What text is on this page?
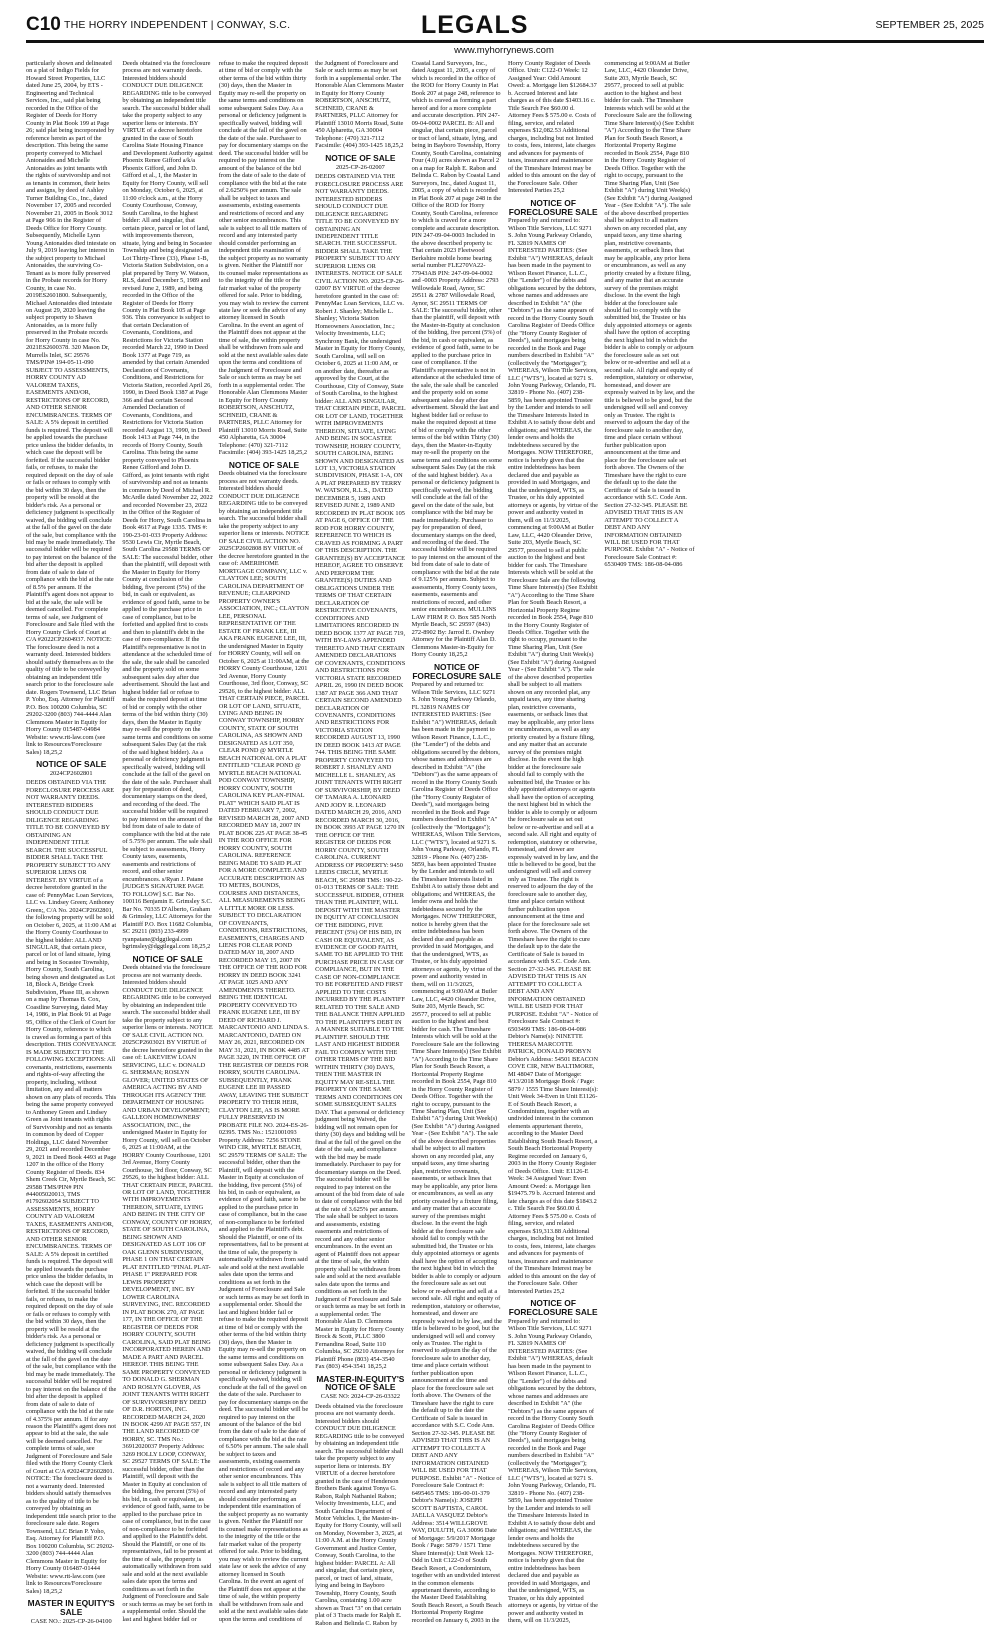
C10 THE HORRY INDEPENDENT | CONWAY, S.C.	LEGALS	SEPTEMBER 25, 2025
www.myhorrynews.com
particularly shown and delineated on a plat of Indigo Fields for Howard Street Properties, LLC dated June 25, 2004, by ETS - Engineering and Technical Services, Inc., said plat being recorded in the Office of the Register of Deeds for Horry County in Plat Book 199 at Page 26; said plat being incorporated by reference herein as part of the description. This being the same property conveyed to Michael Antonaides and Michelle Antonaides as joint tenants with the rights of survivorship and not as tenants in common, their heirs and assigns, by deed of Ashley Turner Building Co., Inc., dated November 17, 2005 and recorded November 21, 2005 in Book 3012 at Page 966 in the Register of Deeds Office for Horry County. Subsequently, Michelle Lynn Young Antonaides died intestate on July 9, 2019 leaving her interest in the subject property to Michael Antonaides, the surviving Co-Tenant as is more fully preserved in the Probate records for Horry County, in case No. 2019ES2601800. Subsequently, Michael Antonaides died intestate on August 29, 2020 leaving the subject property to Shawn Antonaides, as is more fully preserved in the Probate records for Horry County in case No. 2021ES2600378. 320 Mason Dr, Murrells Inlet, SC 29576 TMS/PIN# 194-05-11-090 SUBJECT TO ASSESSMENTS, HORRY COUNTY AD VALOREM TAXES, EASEMENTS AND/OR, RESTRICTIONS OF RECORD, AND OTHER SENIOR ENCUMBRANCES. TERMS OF SALE: A 5% deposit in certified funds is required. The deposit will be applied towards the purchase price unless the bidder defaults, in which case the deposit will be forfeited. If the successful bidder fails, or refuses, to make the required deposit on the day of sale or fails or refuses to comply with the bid within 30 days, then the property will be resold at the bidder's risk. As a personal or deficiency judgment is specifically waived, the bidding will conclude at the fall of the gavel on the date of the sale, but compliance with the bid may be made immediately. The successful bidder will be required to pay interest on the balance of the bid after the deposit is applied from date of sale to date of compliance with the bid at the rate of 8.5% per annum. If the Plaintiff's agent does not appear to bid at the sale, the sale will be deemed cancelled. For complete terms of sale, see Judgment of Foreclosure and Sale filed with the Horry County Clerk of Court at C/A #2022CP2604937. NOTICE: The foreclosure deed is not a warranty deed. Interested bidders should satisfy themselves as to the quality of title to be conveyed by obtaining an independent title search prior to the foreclosure sale date. Rogers Townsend, LLC Brian P. Yoho, Esq. Attorney for Plaintiff P.O. Box 100200 Columbia, SC 29202-3200 (803) 744-4444 Alan Clemmons Master in Equity for Horry County 015487-04984 Website: www.rtt-law.com (see link to Resources/Foreclosure Sales) 18,25,2
NOTICE OF SALE
2024CP2602801
DEEDS OBTAINED VIA THE FORECLOSURE PROCESS ARE NOT WARRANTY DEEDS. INTERESTED BIDDERS SHOULD CONDUCT DUE DILIGENCE REGARDING TITLE TO BE CONVEYED BY OBTAINING AN INDEPENDENT TITLE SEARCH. THE SUCCESSFUL BIDDER SHALL TAKE THE PROPERTY SUBJECT TO ANY SUPERIOR LIENS OR INTEREST. BY VIRTUE of a decree heretofore granted in the case of: PennyMac Loan Services, LLC vs. Lindsey Green; Anthoney Green;, C/A No. 2024CP2602801, the following property will be sold on October 6, 2025, at 11:00 AM at the Horry County Courthouse to the highest bidder: ALL AND SINGULAR, that certain piece, parcel or lot of land situate, lying and being in Socastee Township, Horry County, South Carolina, being shown and designated as Lot 18, Block A, Bridge Creek Subdivision, Phase III, as shown on a map by Thomas B. Cox, Coastline Surveying, dated May 14, 1986, in Plat Book 91 at Page 95, Office of the Clerk of Court for Horry County, reference to which is craved as forming a part of this description. THIS CONVEYANCE IS MADE SUBJECT TO THE FOLLOWING EXCEPTIONS: All covenants, restrictions, easements and rights-of-way affecting the property, including, without limitation, any and all matters shown on any plats of records. This being the same property conveyed to Anthoney Green and Lindsey Green as Joint tenants with rights of Survivorship and not as tenants in common by deed of Copper Holdings, LLC dated November 29, 2021 and recorded December 9, 2021 in Deed Book 4493 at Page 1207 in the office of the Horry County Register of Deeds. 834 Shem Creek Cir, Myrtle Beach, SC 29588 TMS/PIN# PIN #44005020013, TMS #1792602054 SUBJECT TO ASSESSMENTS, HORRY COUNTY AD VALOREM TAXES, EASEMENTS AND/OR, RESTRICTIONS OF RECORD, AND OTHER SENIOR ENCUMBRANCES. TERMS OF SALE: A 5% deposit in certified funds is required. The deposit will be applied towards the purchase price unless the bidder defaults, in which case the deposit will be forfeited. If the successful bidder fails, or refuses, to make the required deposit on the day of sale or fails or refuses to comply with the bid within 30 days, then the property will be resold at the bidder's risk. As a personal or deficiency judgment is specifically waived, the bidding will conclude at the fall of the gavel on the date of the sale, but compliance with the bid may be made immediately. The successful bidder will be required to pay interest on the balance of the bid after the deposit is applied from date of sale to date of compliance with the bid at the rate of 4.375% per annum. If for any reason the Plaintiff's agent does not appear to bid at the sale, the sale will be deemed cancelled. For complete terms of sale, see Judgment of Foreclosure and Sale filed with the Horry County Clerk of Court at C/A #2024CP2602801. NOTICE: The foreclosure deed is not a warranty deed. Interested bidders should satisfy themselves as to the quality of title to be conveyed by obtaining an independent title search prior to the foreclosure sale date. Rogers Townsend, LLC Brian P. Yoho, Esq. Attorney for Plaintiff P.O. Box 100200 Columbia, SC 29202-3200 (803) 744-4444 Alan Clemmons Master in Equity for Horry County 016487-01444 Website: www.rtt-law.com (see link to Resources/Foreclosure Sales) 18,25,2
MASTER IN EQUITY'S SALE
CASE NO.: 2025-CP-26-04100
Deeds obtained via the foreclosure process are not warranty deeds. Interested bidders should CONDUCT DUE DILIGENCE REGARDING title to be conveyed by obtaining an independent title search. The successful bidder shall take the property subject to any superior liens or interests. BY VIRTUE of a decree heretofore granted in the case of South Carolina State Housing Finance and Development Authority against Phoenix Renee Gifford a/k/a Phoenix Gifford, and John D. Gifford et al., I, the Master in Equity for Horry County, will sell on Monday, October 6, 2025, at 11:00 o'clock a.m., at the Horry County Courthouse, Conway, South Carolina, to the highest bidder: All and singular, that certain piece, parcel or lot of land, with improvements thereon, situate, lying and being in Socastee Township and being designated as Lot Thirty-Three (33), Phase 1-B, Victoria Station Subdivision, on a plat prepared by Terry W. Watson, RLS, dated December 5, 1989 and revised June 2, 1989, and being recorded in the Office of the Register of Deeds for Horry County in Plat Book 105 at Page 936. This conveyance is subject to that certain Declaration of Covenants, Conditions, and Restrictions for Victoria Station recorded March 22, 1990 in Deed Book 1377 at Page 719, as amended by that certain Amended Declaration of Covenants, Conditions, and Restrictions for Victoria Station, recorded April 26, 1990, in Deed Book 1387 at Page 366 and that certain Second Amended Declaration of Covenants, Conditions, and Restrictions for Victoria Station recorded August 13, 1990, in Deed Book 1413 at Page 744, in the records of Horry County, South Carolina. This being the same property conveyed to Phoenix Renee Gifford and John D. Gifford, as joint tenants with right of survivorship and not as tenants in common by Deed of Michael R. McArdle dated November 22, 2022 and recorded November 23, 2022 in the Office of the Register of Deeds for Horry, South Carolina in Book 4617 at Page 1335. TMS #: 190-23-01-033 Property Address: 9530 Lewis Cir, Myrtle Beach, South Carolina 29588 TERMS OF SALE: The successful bidder, other than the plaintiff, will deposit with the Master in Equity for Horry County at conclusion of the bidding, five percent (5%) of the bid, in cash or equivalent, as evidence of good faith, same to be applied to the purchase price in case of compliance, but to be forfeited and applied first to costs and then to plaintiff's debt in the case of non-compliance. If the Plaintiff's representative is not in attendance at the scheduled time of the sale, the sale shall be canceled and the property sold on some subsequent sales day after due advertisement. Should the last and highest bidder fail or refuse to make the required deposit at time of bid or comply with the other terms of the bid within thirty (30) days, then the Master in Equity may re-sell the property on the same terms and conditions on some subsequent Sales Day (at the risk of the said highest bidder). As a personal or deficiency judgment is specifically waived, bidding will conclude at the fall of the gavel on the date of the sale. Purchaser shall pay for preparation of deed, documentary stamps on the deed, and recording of the deed. The successful bidder will be required to pay interest on the amount of the bid from date of sale to date of compliance with the bid at the rate of 5.75% per annum. The sale shall be subject to assessments, Horry County taxes, easements, easements and restrictions of record, and other senior encumbrances. s/Ryan J. Patane [JUDGE'S SIGNATURE PAGE TO FOLLOW] S.C. Bar No. 100116 Benjamin E. Grimsley S.C. Bar No. 70335 D'Alberto, Graham & Grimsley, LLC Attorneys for the Plaintiff P.O. Box 11682 Columbia, SC 29211 (803) 233-4999 ryanpatane@dggtlegal.com bgrimsley@dggtlegal.com 18,25,2
NOTICE OF SALE
Deeds obtained via the foreclosure process are not warranty deeds. Interested bidders should CONDUCT DUE DILIGENCE REGARDING title to be conveyed by obtaining an independent title search. The successful bidder shall take the property subject to any superior liens or interests. NOTICE OF SALE CIVIL ACTION NO. 2025CP2603021 BY VIRTUE of the decree heretofore granted in the case of: LAKEVIEW LOAN SERVICING, LLC v. DONALD G. SHERMAN; ROSLYN GLOVER; UNITED STATES OF AMERICA ACTING BY AND THROUGH ITS AGENCY THE DEPARTMENT OF HOUSING AND URBAN DEVELOPMENT; GALLEON HOMEOWNERS' ASSOCIATION, INC., the undersigned Master in Equity for Horry County, will sell on October 6, 2025 at 11:00AM, at the HORRY County Courthouse, 1201 3rd Avenue, Horry County Courthouse, 3rd floor, Conway, SC 29526, to the highest bidder: ALL THAT CERTAIN PIECE, PARCEL OR LOT OF LAND, TOGETHER WITH IMPROVEMENTS THEREON, SITUATE, LYING AND BEING IN THE CITY OF CONWAY, COUNTY OF HORRY, STATE OF SOUTH CAROLINA, BEING SHOWN AND DESIGNATED AS LOT 106 OF OAK GLENN SUBDIVISION, PHASE 1 ON THAT CERTAIN PLAT ENTITLED "FINAL PLAT- PHASE 1" PREPARED FOR LEWIS PROPERTY DEVELOPMENT, INC. BY LOWER CAROLINA SURVEYING, INC. RECORDED IN PLAT BOOK 270, AT PAGE 177, IN THE OFFICE OF THE REGISTER OF DEEDS FOR HORRY COUNTY, SOUTH CAROLINA, SAID PLAT BEING INCORPORATED HEREIN AND MADE A PART AND PARCEL HEREOF. THIS BEING THE SAME PROPERTY CONVEYED TO DONALD G. SHERMAN AND ROSLYN GLOVER, AS JOINT TENANTS WITH RIGHT OF SURVIVORSHIP BY DEED OF D.R. HORTON, INC. RECORDED MARCH 24, 2020 IN BOOK 4299 AT PAGE 557, IN THE LAND RECORDED OF HORRY, SC. TMS No.: 36912020037 Property Address: 3269 HOLLY LOOP, CONWAY, SC 29527 TERMS OF SALE: The successful bidder, other than the Plaintiff, will deposit with the Master in Equity at conclusion of the bidding, five percent (5%) of his bid, in cash or equivalent, as evidence of good faith, same to be applied to the purchase price in case of compliance, but in the case of non-compliance to be forfeited and applied to the Plaintiff's debt. Should the Plaintiff, or one of its representatives, fail to be present at the time of sale, the property is automatically withdrawn from said sale and sold at the next available sales date upon the terms and conditions as set forth in the Judgment of Foreclosure and Sale or such terms as may be set forth in a supplemental order. Should the last and highest bidder fail or refuse to make the required deposit at time of bid or comply with the other terms of the bid within thirty (30) days, then the Master in Equity may re-sell the property on the same terms and conditions on some subsequent Sales Day. As a personal or deficiency judgment is specifically waived, bidding will conclude at the fall of the gavel on the date of the sale. Purchaser to pay for documentary stamps on the deed. The successful bidder will be required to pay interest on the amount of the balance of the bid from the date of sale to the date of compliance with the bid at the rate of 2.6250% per annum. The sale shall be subject to taxes and assessments, existing easements and restrictions of record and any other senior encumbrances. This sale is subject to all title matters of record and any interested party should consider performing an independent title examination of the subject property as no warranty is given. Neither the Plaintiff nor its counsel make representations as to the integrity of the title or the fair market value of the property offered for sale. Prior to bidding, you may wish to review the current state law or seek the advice of any attorney licensed in South Carolina. In the event an agent of the Plaintiff does not appear at the time of sale, the within property shall be withdrawn from sale and sold at the next available sales date upon the terms and conditions of the Judgment of Foreclosure and Sale or such terms as may be set forth in a supplemental order. The Honorable Alan Clemmons Master in Equity for Horry County ROBERTSON, ANSCHUTZ, SCHNEID, CRANE & PARTNERS, PLLC Attorney for Plaintiff 13010 Morris Road, Suite 450 Alpharetta, GA 30004 Telephone: (470) 321-7112 Facsimile: (404) 393-1425 18,25,2
NOTICE OF SALE
Deeds obtained via the foreclosure process are not warranty deeds. Interested bidders should CONDUCT DUE DILIGENCE REGARDING title to be conveyed by obtaining an independent title search. The successful bidder shall take the property subject to any superior liens or interests. NOTICE OF SALE CIVIL ACTION NO. 2025CP2602808 BY VIRTUE of the decree heretofore granted in the case of: AMERIHOME MORTGAGE COMPANY, LLC v. CLAYTON LEE; SOUTH CAROLINA DEPARTMENT OF REVENUE; CLEARPOND PROPERTY OWNER'S ASSOCIATION, INC.; CLAYTON LEE, PERSONAL REPRESENTATIVE OF THE ESTATE OF FRANK LEE, III AKA FRANK EUGENE LEE, III, the undersigned Master in Equity for HORRY County, will sell on October 6, 2025 at 11:00AM, at the HORRY County Courthouse, 1201 3rd Avenue, Horry County Courthouse, 3rd floor, Conway, SC 29526, to the highest bidder: ALL THAT CERTAIN PIECE, PARCEL OR LOT OF LAND, SITUATE, LYING AND BEING IN CONWAY TOWNSHIP, HORRY COUNTY, STATE OF SOUTH CAROLINA, AS SHOWN AND DESIGNATED AS LOT 350, CLEAR POND @ MYRTLE BEACH NATIONAL ON A PLAT ENTITLED "CLEAR POND @ MYRTLE BEACH NATIONAL POD CONWAY TOWNSHIP, HORRY COUNTY, SOUTH CAROLINA KEY PLAN-FINAL PLAT" WHICH SAID PLAT IS DATED FEBRUARY 7, 2002, REVISED MARCH 28, 2007 AND RECORDED MAY 18, 2007 IN PLAT BOOK 225 AT PAGE 38-45 IN THE ROD OFFICE FOR HORRY COUNTY, SOUTH CAROLINA. REFERENCE BEING MADE TO SAID PLAT FOR A MORE COMPLETE AND ACCURATE DESCRIPTION AS TO METES, BOUNDS, COURSES AND DISTANCES, ALL MEASUREMENTS BEING A LITTLE MORE OR LESS. SUBJECT TO DECLARATION OF COVENANTS, CONDITIONS, RESTRICTIONS, EASEMENTS, CHARGES AND LIENS FOR CLEAR POND DATED MAY 18, 2007 AND RECORDED MAY 15, 2007 IN THE OFFICE OF THE ROD FOR HORRY IN DEED BOOK 3241 AT PAGE 1025 AND ANY AMENDMENTS THERETO. BEING THE IDENTICAL PROPERTY CONVEYED TO FRANK EUGENE LEE, III BY DEED OF RICHARD J. MARCANTONIO AND LINDA S. MARCANTONIO, DATED ON MAY 26, 2021, RECORDED ON MAY 31, 2021, IN BOOK 4485 AT PAGE 3220, IN THE OFFICE OF THE REGISTER OF DEEDS FOR HORRY, SOUTH CAROLINA. SUBSEQUENTLY, FRANK EUGENE LEE III PASSED AWAY, LEAVING THE SUBJECT PROPERTY TO THEIR HEIR, CLAYTON LEE, AS IS MORE FULLY PRESERVED IN PROBATE FILE NO. 2024-ES-26-02395. TMS No.: 1521001093 Property Address: 7256 STONE WIND CIR, MYRTLE BEACH, SC 29579 TERMS OF SALE: The successful bidder, other than the Plaintiff, will deposit with the Master in Equity at conclusion of the bidding, five percent (5%) of his bid, in cash or equivalent, as evidence of good faith, same to be applied to the purchase price in case of compliance, but in the case of non-compliance to be forfeited and applied to the Plaintiff's debt. Should the Plaintiff, or one of its representatives, fail to be present at the time of sale, the property is automatically withdrawn from said sale and sold at the next available sales date upon the terms and conditions as set forth in the Judgment of Foreclosure and Sale or such terms as may be set forth in a supplemental order. Should the last and highest bidder fail or refuse to make the required deposit at time of bid or comply with the other terms of the bid within thirty (30) days, then the Master in Equity may re-sell the property on the same terms and conditions on some subsequent Sales Day. As a personal or deficiency judgment is specifically waived, bidding will conclude at the fall of the gavel on the date of the sale. Purchaser to pay for documentary stamps on the deed. The successful bidder will be required to pay interest on the amount of the balance of the bid from the date of sale to the date of compliance with the bid at the rate of 6.50% per annum. The sale shall be subject to taxes and assessments, existing easements and restrictions of record and any other senior encumbrances. This sale is subject to all title matters of record and any interested party should consider performing an independent title examination of the subject property as no warranty is given. Neither the Plaintiff nor its counsel make representations as to the integrity of the title or the fair market value of the property offered for sale. Prior to bidding, you may wish to review the current state law or seek the advice of any attorney licensed in South Carolina. In the event an agent of the Plaintiff does not appear at the time of sale, the within property shall be withdrawn from sale and sold at the next available sales date upon the terms and conditions of the Judgment of Foreclosure and Sale or such terms as may be set forth in a supplemental order. The Honorable Alan Clemmons Master in Equity for Horry County ROBERTSON, ANSCHUTZ, SCHNEID, CRANE & PARTNERS, PLLC Attorney for Plaintiff 13010 Morris Road, Suite 450 Alpharetta, GA 30004 Telephone: (470) 321-7112 Facsimile: (404) 393-1425 18,25,2
NOTICE OF SALE
2025-CP-26-02007
DEEDS OBTAINED VIA THE FORECLOSURE PROCESS ARE NOT WARRANTY DEEDS. INTERESTED BIDDERS SHOULD CONDUCT DUE DILIGENCE REGARDING TITLE TO BE CONVEYED BY OBTAINING AN INDEPENDENT TITLE SEARCH. THE SUCCESSFUL BIDDER SHALL TAKE THE PROPERTY SUBJECT TO ANY SUPERIOR LIENS OR INTERESTS. NOTICE OF SALE CIVIL ACTION NO. 2025-CP-26-02007 BY VIRTUE of the decree heretofore granted in the case of: PennyMac Loan Services, LLC vs. Robert J. Shanley; Michelle L. Shanley; Victoria Station Homeowners Association, Inc.; Velocity Investments, LLC; Synchrony Bank, the undersigned Master in Equity for Horry County, South Carolina, will sell on October 6, 2025 at 11:00 AM, or on another date, thereafter as approved by the Court, at the Courthouse, City of Conway, State of South Carolina, to the highest bidder: ALL AND SINGULAR, THAT CERTAIN PIECE, PARCEL OR LOT OF LAND, TOGETHER WITH IMPROVEMENTS THEREON, SITUATE, LYING AND BEING IN SOCASTEE TOWNSHIP, HORRY COUNTY, SOUTH CAROLINA, BEING SHOWN AND DESIGNATED AS LOT 13, VICTORIA STATION SUBDIVISION, PHASE 1-A, ON A PLAT PREPARED BY TERRY W. WATSON, R.L.S., DATED DECEMBER 5, 1989 AND REVISED JUNE 2, 1989 AND RECORDED IN PLAT BOOK 105 AT PAGE 6, OFFICE OF THE ROD FOR HORRY COUNTY, REFERENCE TO WHICH IS CRAVED AS FORMING A PART OF THIS DESCRIPTION. THE GRANTEE(S) BY ACCEPTANCE HEREOF, AGREE TO OBSERVE AND PERFORM THE GRANTEE(S) DUTIES AND OBLIGATIONS UNDER THE TERMS OF THAT CERTAIN DECLARATION OF RESTRICTIVE COVENANTS, CONDITIONS AND LIMITATIONS RECORDED IN DEED BOOK 1377 AT PAGE 719, WITH BY-LAWS APPENDED THERETO AND THAT CERTAIN AMENDED DECLARATIONS OF COVENANTS, CONDITIONS AND RESTRICTIONS FOR VICTORIA STATE RECORDED APRIL 26, 1990 IN DEED BOOK 1387 AT PAGE 366 AND THAT CERTAIN SECOND AMENDED DECLARATION OF COVENANTS, CONDITIONS AND RESTRICTIONS FOR VICTORIA STATION RECORDED AUGUST 13, 1990 IN DEED BOOK 1413 AT PAGE 744. THIS BEING THE SAME PROPERTY CONVEYED TO ROBERT J. SHANLEY AND MICHELLE L. SHANLEY, AS JOINT TENANTS WITH RIGHT OF SURVIVORSHIP, BY DEED OF TAMARA A. LEONARD AND JODY R. LEONARD DATED MARCH 29, 2016, AND RECORDED MARCH 30, 2016, IN BOOK 3993 AT PAGE 1270 IN THE OFFICE OF THE REGISTER OF DEEDS FOR HORRY COUNTY, SOUTH CAROLINA. CURRENT ADDRESS OF PROPERTY: 9450 LEEDS CIRCLE, MYRTLE BEACH, SC 29588 TMS: 190-22-01-013 TERMS OF SALE: THE SUCCESSFUL BIDDER, OTHER THAN THE PLAINTIFF, WILL DEPOSIT WITH THE MASTER IN EQUITY AT CONCLUSION OF THE BIDDING, FIVE PERCENT (5%) OF HIS BID, IN CASH OR EQUIVALENT, AS EVIDENCE OF GOOD FAITH, SAME TO BE APPLIED TO THE PURCHASE PRICE IN CASE OF COMPLIANCE, BUT IN THE CASE OF NON-COMPLIANCE TO BE FORFEITED AND FIRST APPLIED TO THE COSTS INCURRED BY THE PLAINTIFF RELATED TO THE SALE AND THE BALANCE THEN APPLIED TO THE PLAINTIFF'S DEBT IN A MANNER SUITABLE TO THE PLAINTIFF. SHOULD THE LAST AND HIGHEST BIDDER FAIL TO COMPLY WITH THE OTHER TERMS OF THE BID WITHIN THIRTY (30) DAYS, THEN THE MASTER IN EQUITY MAY RE-SELL THE PROPERTY ON THE SAME TERMS AND CONDITIONS ON SOME SUBSEQUENT SALES DAY. That a personal or deficiency judgment being Waived, the bidding will not remain open for thirty (30) days and bidding will be final at the fall of the gavel on the date of the sale, and compliance with the bid may be made immediately. Purchaser to pay for documentary stamps on the Deed. The successful bidder will be required to pay interest on the amount of the bid from date of sale to date of compliance with the bid at the rate of 3.625% per annum. The sale shall be subject to taxes and assessments, existing easements and restrictions of record and any other senior encumbrances. In the event an agent of Plaintiff does not appear at the time of sale, the within property shall be withdrawn from sale and sold at the next available sales date upon the terms and conditions as set forth in the Judgment of Foreclosure and Sale or such terms as may be set forth in a supplemental order. The Honorable Alan D. Clemmons Master in Equity for Horry County Brock & Scott, PLLC 3800 Fernandina Road, Suite 110 Columbia, SC 29210 Attorneys for Plaintiff Phone (803) 454-3540 Fax (803) 454-3541 18,25,2
MASTER-IN-EQUITY'S NOTICE OF SALE
CASE NO: 2024-CP-26-03322
Deeds obtained via the foreclosure process are not warranty deeds. Interested bidders should CONDUCT DUE DILIGENCE REGARDING title to be conveyed by obtaining an independent title search. The successful bidder shall take the property subject to any superior liens or interests. BY VIRTUE of a decree heretofore granted in the case of Henderson Brothers Bank against Tonya G. Rabon, Ralph Nathaniel Rabon; Velocity Investments, LLC, and South Carolina Department of Motor Vehicles. I, the Master-in-Equity for Horry County, will sell on Monday, November 3, 2025, at 11:00 A.M. at the Horry County Government and Justice Center, Conway, South Carolina, to the highest bidder: PARCEL A: All and singular, that certain piece, parcel, or tract of land, situate, lying and being in Bayboro Township, Horry County, South Carolina, containing 1.00 acre shown as Tract "3" on that certain plat of 3 Tracts made for Ralph E. Rabon and Belinda C. Rabon by Coastal Land Surveyors, Inc., dated August 11, 2005, a copy of which is recorded in the office of the ROD for Horry County in Plat Book 207 at page 248, reference to which is craved as forming a part hereof and for a more complete and accurate description. PIN 247-09-04-0002 PARCEL B: All and singular, that certain piece, parcel or tract of land, situate, lying, and being in Bayboro Township, Horry County, South Carolina, containing Four (4.0) acres shown as Parcel 2 on a map for Ralph E. Rabon and Belinda C. Rabon by Coastal Land Surveyors, Inc., dated August 11, 2005, a copy of which is recorded in Plat Book 207 at page 248 in the Office of the ROD for Horry County, South Carolina, reference to which is craved for a more complete and accurate description. PIN 247-09-04-0003 Included in the above described property is: That certain 2023 Fleetwood Berkshire mobile home bearing serial number FLE270VA22-77943AB PIN: 247-09-04-0002 and -0003 Property Address: 2793 Willowdale Road, Aynor, SC 29511 & 2787 Willowdale Road, Aynor, SC 29511 TERMS OF SALE: The successful bidder, other than the plaintiff, will deposit with the Master-in-Equity at conclusion of the bidding, five percent (5%) of the bid, in cash or equivalent, as evidence of good faith, same to be applied to the purchase price in case of compliance. If the Plaintiff's representative is not in attendance at the scheduled time of the sale, the sale shall be canceled and the property sold on some subsequent sales day after due advertisement. Should the last and highest bidder fail or refuse to make the required deposit at time of bid or comply with the other terms of the bid within Thirty (30) days, then the Master-in-Equity may re-sell the property on the same terms and conditions on some subsequent Sales Day (at the risk of the said highest bidder). As a personal or deficiency judgment is specifically waived, the bidding will conclude at the fall of the gavel on the date of the sale, but compliance with the bid may be made immediately. Purchaser to pay for preparation of deed, documentary stamps on the deed, and recording of the deed. The successful bidder will be required to pay interest on the amount of the bid from date of sale to date of compliance with the bid at the rate of 9.125% per annum. Subject to assessments, Horry County taxes, easements, easements and restrictions of record, and other senior encumbrances. MULLINS LAW FIRM P. O. Box 585 North Myrtle Beach, SC 29597 (843) 272-8902 By: Jarrod E. Ownbey Attorney for the Plaintiff Alan D. Clemmons Master-in-Equity for Horry County 18,25,2
NOTICE OF FORECLOSURE SALE
Prepared by and returned to: Wilson Title Services, LLC 9271 S. John Young Parkway Orlando, FL 32819 NAMES OF INTERESTED PARTIES: (See Exhibit "A") WHEREAS, default has been made in the payment to Wilson Resort Finance, L.L.C., (the "Lender") of the debts and obligations secured by the debtors, whose names and addresses are described in Exhibit "A" (the "Debtors") as the same appears of record in the Horry County South Carolina Register of Deeds Office (the "Horry County Register of Deeds"), said mortgages being recorded in the Book and Page numbers described in Exhibit "A" (collectively the "Mortgages"); WHEREAS, Wilson Title Services, LLC ("WTS"), located at 9271 S. John Young Parkway, Orlando, FL 32819 - Phone No. (407) 238-5859, has been appointed Trustee by the Lender and intends to sell the Timeshare Interests listed in Exhibit A to satisfy those debt and obligations; and WHEREAS, the lender owns and holds the indebtedness secured by the Mortgages. NOW THEREFORE, notice is hereby given that the entire indebtedness has been declared due and payable as provided in said Mortgages, and that the undersigned, WTS, as Trustee, or his duly appointed attorneys or agents, by virtue of the power and authority vested in them, will on 11/3/2025, commencing at 9:00AM at Butler Law, LLC, 4420 Oleander Drive, Suite 203, Myrtle Beach, SC 29577, proceed to sell at public auction to the highest and best bidder for cash. The Timeshare Interests which will be sold at the Foreclosure Sale are the following Time Share Interest(s) (See Exhibit "A") According to the Time Share Plan for South Beach Resort, a Horizontal Property Regime recorded in Book 2554, Page 810 in the Horry County Register of Deeds Office. Together with the right to occupy, pursuant to the Time Sharing Plan, Unit (See Exhibit "A") during Unit Week(s) (See Exhibit "A") during Assigned Year - (See Exhibit "A"). The sale of the above described properties shall be subject to all matters shown on any recorded plat, any unpaid taxes, any time sharing plan, restrictive covenants, easements, or setback lines that may be applicable, any prior liens or encumbrances, as well as any priority created by a fixture filing, and any matter that an accurate survey of the premises might disclose. In the event the high bidder at the foreclosure sale should fail to comply with the submitted bid, the Trustee or his duly appointed attorneys or agents shall have the option of accepting the next highest bid in which the bidder is able to comply or adjourn the foreclosure sale as set out below or re-advertise and sell at a second sale. All right and equity of redemption, statutory or otherwise, homestead, and dower are expressly waived in by law, and the title is believed to be good, but the undersigned will sell and convey only as Trustee. The right is reserved to adjourn the day of the foreclosure sale to another day, time and place certain without further publication upon announcement at the time and place for the foreclosure sale set forth above. The Owners of the Timeshare have the right to cure the default up to the date the Certificate of Sale is issued in accordance with S.C. Code Ann. Section 27-32-345. PLEASE BE ADVISED THAT THIS IS AN ATTEMPT TO COLLECT A DEBT AND ANY INFORMATION OBTAINED WILL BE USED FOR THAT PURPOSE. Exhibit "A" - Notice of Foreclosure Sale Contract #: 6495465 TMS: 186-00-01-379 Debtor's Name(s): JOSEPH SCOTT BAPTISTA, CAROL JAELLA VASQUEZ Debtor's Address: 3514 WILLGROVE WAY, DULUTH, GA 30096 Date of Mortgage: 5/9/2017 Mortgage Book / Page: 5879 / 1571 Time Share Interest(s): Unit Week 12-Odd in Unit C122-O of South Beach Resort, a Condominium, together with an undivided interest in the common elements appurtenant thereto, according to the Master Deed Establishing South Beach Resort, a South Beach Horizontal Property Regime recorded on January 6, 2003 in the Horry County Register of Deeds Office. Unit: C122-O Week: 12 Assigned Year: Odd Amount Owed: a. Mortgage lien $12684.37 b. Accrued Interest and late charges as of this date $1403.16 c. Title Search Fee $60.00 d. Attorney Fees $ 575.00 e. Costs of filing, service, and related expenses $12,082.53 Additional charges, including but not limited to costs, fees, interest, late charges and advances for payments of taxes, insurance and maintenance of the Timeshare Interest may be added to this amount on the day of the Foreclosure Sale. Other Interested Parties 25,2
NOTICE OF FORECLOSURE SALE
Prepared by and returned to: Wilson Title Services, LLC 9271 S. John Young Parkway Orlando, FL 32819 NAMES OF INTERESTED PARTIES: (See Exhibit "A") WHEREAS, default has been made in the payment to Wilson Resort Finance, L.L.C., (the "Lender") of the debts and obligations secured by the debtors, whose names and addresses are described in Exhibit "A" (the "Debtors") as the same appears of record in the Horry County South Carolina Register of Deeds Office (the "Horry County Register of Deeds"), said mortgages being recorded in the Book and Page numbers described in Exhibit "A" (collectively the "Mortgages"); WHEREAS, Wilson Title Services, LLC ("WTS"), located at 9271 S. John Young Parkway, Orlando, FL 32819 - Phone No. (407) 238-5859, has been appointed Trustee by the Lender and intends to sell the Timeshare Interests listed in Exhibit A to satisfy those debt and obligations; and WHEREAS, the lender owns and holds the indebtedness secured by the Mortgages. NOW THEREFORE, notice is hereby given that the entire indebtedness has been declared due and payable as provided in said Mortgages, and that the undersigned, WTS, as Trustee, or his duly appointed attorneys or agents, by virtue of the power and authority vested in them, will on 11/3/2025, commencing at 9:00AM at Butler Law, LLC, 4420 Oleander Drive, Suite 203, Myrtle Beach, SC 29577, proceed to sell at public auction to the highest and best bidder for cash. The Timeshare Interests which will be sold at the Foreclosure Sale are the following Time Share Interest(s) (See Exhibit "A") According to the Time Share Plan for South Beach Resort, a Horizontal Property Regime recorded in Book 2554, Page 810 in the Horry County Register of Deeds Office. Together with the right to occupy, pursuant to the Time Sharing Plan, Unit (See Exhibit "A") during Unit Week(s) (See Exhibit "A") during Assigned Year - (See Exhibit "A"). The sale of the above described properties shall be subject to all matters shown on any recorded plat, any unpaid taxes, any time sharing plan, restrictive covenants, easements, or setback lines that may be applicable, any prior liens or encumbrances, as well as any priority created by a fixture filing, and any matter that an accurate survey of the premises might disclose. In the event the high bidder at the foreclosure sale should fail to comply with the submitted bid, the Trustee or his duly appointed attorneys or agents shall have the option of accepting the next highest bid in which the bidder is able to comply or adjourn the foreclosure sale as set out below or re-advertise and sell at a second sale. All right and equity of redemption, statutory or otherwise, homestead, and dower are expressly waived in by law, and the title is believed to be good, but the undersigned will sell and convey only as Trustee. The right is reserved to adjourn the day of the foreclosure sale to another day, time and place certain without further publication upon announcement at the time and place for the foreclosure sale set forth above. The Owners of the Timeshare have the right to cure the default up to the date the Certificate of Sale is issued in accordance with S.C. Code Ann. Section 27-32-345. PLEASE BE ADVISED THAT THIS IS AN ATTEMPT TO COLLECT A DEBT AND ANY INFORMATION OBTAINED WILL BE USED FOR THAT PURPOSE. Exhibit "A" - Notice of Foreclosure Sale Contract #: 6503499 TMS: 186-08-04-086 Debtor's Name(s): NINETTE THERESA MARCOTTE PATRICK, DONALD PROBYN Debtor's Address: 54501 BEACON COVE CIR, NEW BALTIMORE, MI 48047 Date of Mortgage: 4/13/2018 Mortgage Book / Page: 5879 / 1555 Time Share Interest(s): Unit Week 34-Even in Unit E1126-E of South Beach Resort, a Condominium, together with an undivided interest in the common elements appurtenant thereto, according to the Master Deed Establishing South Beach Resort, a South Beach Horizontal Property Regime recorded on January 6, 2003 in the Horry County Register of Deeds Office. Unit: E1126-E Week: 34 Assigned Year: Even Amount Owed: a. Mortgage lien $19475.79 b. Accrued Interest and late charges as of this date $1843.2 c. Title Search Fee $60.00 d. Attorney Fees $ 575.00 e. Costs of filing, service, and related expenses $19,313.88 Additional charges, including but not limited to costs, fees, interest, late charges and advances for payments of taxes, insurance and maintenance of the Timeshare Interest may be added to this amount on the day of the Foreclosure Sale. Other Interested Parties 25,2
NOTICE OF FORECLOSURE SALE
Prepared by and returned to: Wilson Title Services, LLC 9271 S. John Young Parkway Orlando, FL 32819 NAMES OF INTERESTED PARTIES: (See Exhibit "A") WHEREAS, default has been made in the payment to Wilson Resort Finance, L.L.C., (the "Lender") of the debts and obligations secured by the debtors, whose names and addresses are described in Exhibit "A" (the "Debtors") as the same appears of record in the Horry County South Carolina Register of Deeds Office (the "Horry County Register of Deeds"), said mortgages being recorded in the Book and Page numbers described in Exhibit "A" (collectively the "Mortgages"); WHEREAS, Wilson Title Services, LLC ("WTS"), located at 9271 S. John Young Parkway, Orlando, FL 32819 - Phone No. (407) 238-5859, has been appointed Trustee by the Lender and intends to sell the Timeshare Interests listed in Exhibit A to satisfy those debt and obligations; and WHEREAS, the lender owns and holds the indebtedness secured by the Mortgages. NOW THEREFORE, notice is hereby given that the entire indebtedness has been declared due and payable as provided in said Mortgages, and that the undersigned, WTS, as Trustee, or his duly appointed attorneys or agents, by virtue of the power and authority vested in them, will on 11/3/2025, commencing at 9:00AM at Butler Law, LLC, 4420 Oleander Drive, Suite 203, Myrtle Beach, SC 29577, proceed to sell at public auction to the highest and best bidder for cash. The Timeshare Interests which will be sold at the Foreclosure Sale are the following Time Share Interest(s) (See Exhibit "A") According to the Time Share Plan for South Beach Resort, a Horizontal Property Regime recorded in Book 2554, Page 810 in the Horry County Register of Deeds Office. Together with the right to occupy, pursuant to the Time Sharing Plan, Unit (See Exhibit "A") during Unit Week(s) (See Exhibit "A") during Assigned Year - (See Exhibit "A"). The sale of the above described properties shall be subject to all matters shown on any recorded plat, any unpaid taxes, any time sharing plan, restrictive covenants, easements, or setback lines that may be applicable, any prior liens or encumbrances, as well as any priority created by a fixture filing, and any matter that an accurate survey of the premises might disclose. In the event the high bidder at the foreclosure sale should fail to comply with the submitted bid, the Trustee or his duly appointed attorneys or agents shall have the option of accepting the next highest bid in which the bidder is able to comply or adjourn the foreclosure sale as set out below or re-advertise and sell at a second sale. All right and equity of redemption, statutory or otherwise, homestead, and dower are expressly waived in by law, and the title is believed to be good, but the undersigned will sell and convey only as Trustee. The right is reserved to adjourn the day of the foreclosure sale to another day, time and place certain without further publication upon announcement at the time and place for the foreclosure sale set forth above. The Owners of the Timeshare have the right to cure the default up to the date the Certificate of Sale is issued in accordance with S.C. Code Ann. Section 27-32-345. PLEASE BE ADVISED THAT THIS IS AN ATTEMPT TO COLLECT A DEBT AND ANY INFORMATION OBTAINED WILL BE USED FOR THAT PURPOSE. Exhibit "A" - Notice of Foreclosure Sale Contract #: 6530409 TMS: 186-08-04-086
